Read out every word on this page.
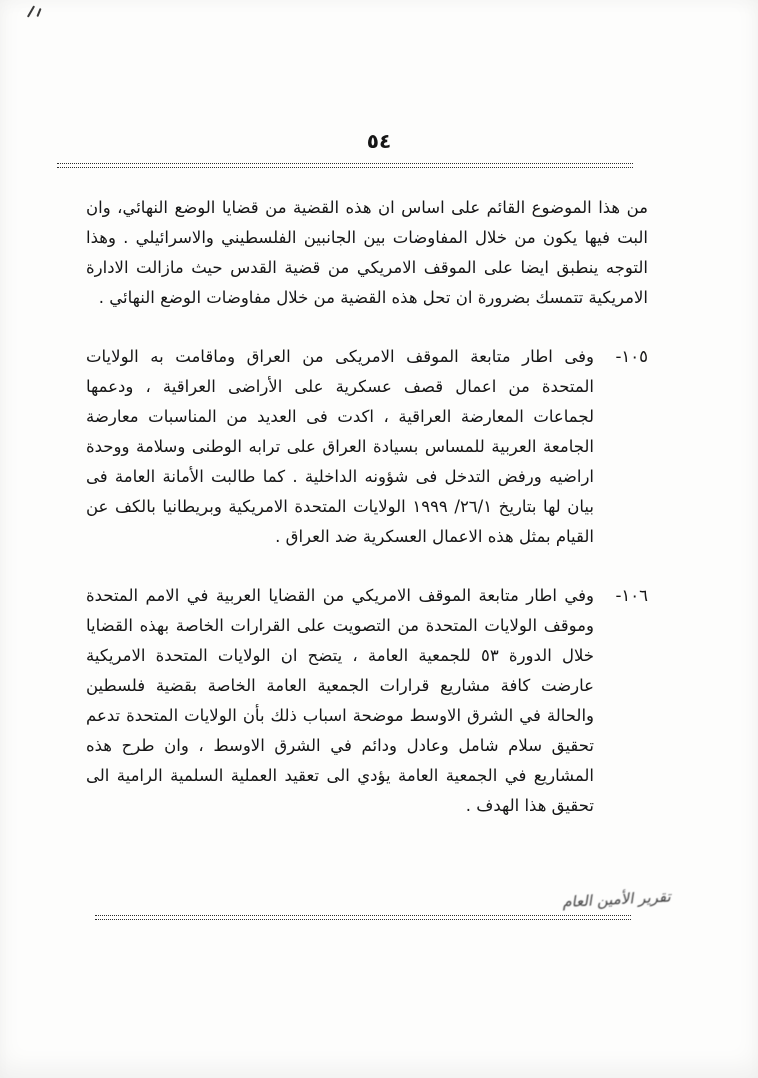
٥٤

من هذا الموضوع القائم على اساس ان هذه القضية من قضايا الوضع النهائي، وان البت فيها يكون من خلال المفاوضات بين الجانبين الفلسطيني والاسرائيلي . وهذا التوجه ينطبق ايضا على الموقف الامريكي من قضية القدس حيث مازالت الادارة الامريكية تتمسك بضرورة ان تحل هذه القضية من خلال مفاوضات الوضع النهائي .

١٠٥-
وفى اطار متابعة الموقف الامريكى من العراق وماقامت به الولايات المتحدة من اعمال قصف عسكرية على الأراضى العراقية ، ودعمها لجماعات المعارضة العراقية ، اكدت فى العديد من المناسبات معارضة الجامعة العربية للمساس بسيادة العراق على ترابه الوطنى وسلامة ووحدة اراضيه ورفض التدخل فى شؤونه الداخلية . كما طالبت الأمانة العامة فى بيان لها بتاريخ ٢٦/١/ ١٩٩٩ الولايات المتحدة الامريكية وبريطانيا بالكف عن القيام بمثل هذه الاعمال العسكرية ضد العراق .
١٠٦-
وفي اطار متابعة الموقف الامريكي من القضايا العربية في الامم المتحدة وموقف الولايات المتحدة من التصويت على القرارات الخاصة بهذه القضايا خلال الدورة ٥٣ للجمعية العامة ، يتضح ان الولايات المتحدة الامريكية عارضت كافة مشاريع قرارات الجمعية العامة الخاصة بقضية فلسطين والحالة في الشرق الاوسط موضحة اسباب ذلك بأن الولايات المتحدة تدعم تحقيق سلام شامل وعادل ودائم في الشرق الاوسط ، وان طرح هذه المشاريع في الجمعية العامة يؤدي الى تعقيد العملية السلمية الرامية الى تحقيق هذا الهدف .
تقرير الأمين العام
